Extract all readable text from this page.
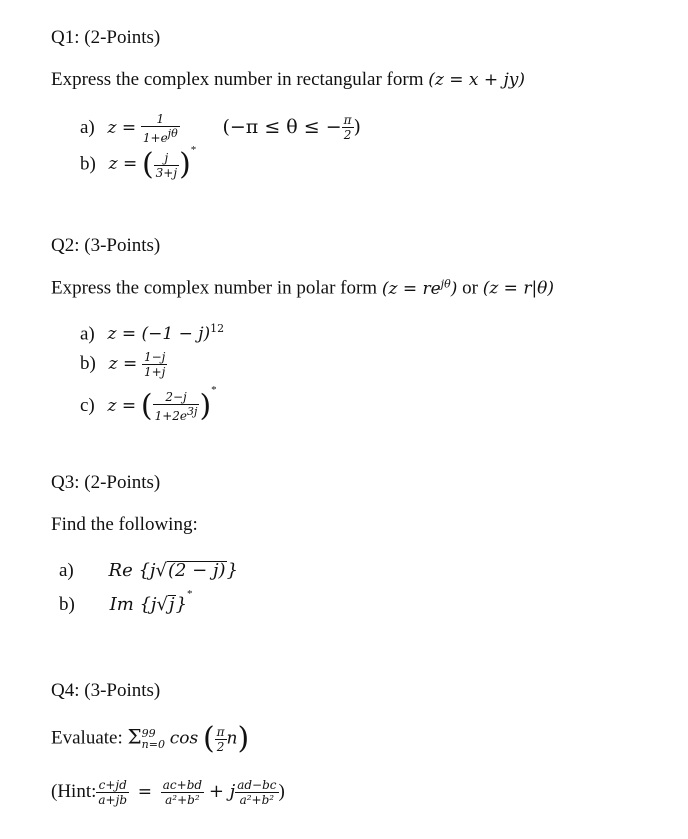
Q1: (2-Points)
Express the complex number in rectangular form (z = x + jy)
a) $z = \frac{1}{\text{1+ejθ}} (-\pi \le \theta$ ≤ − $\frac{\pi}{2}$ )
b) z = ( $\frac{j}{3+j} )^*$
Q2: (3-Points)
Express the complex number in polar form $(z = re^{j\theta})$ or (z = r|θ)
a) $z = (-1 - j)^{12}$
b) $z = \frac{1-j}{1+j}$
c) z = ( $\frac{2-j}{1+2e3j} )^*$
Q3: (2-Points)
Find the following:
a) Re {j√(2 − j)}
b) Im {j√j}*
Q4: (3-Points)
Evaluate: Σ 99
n=0 cos ( $\frac{\pi}{2} n$)
(Hint: $\frac{c+jd}{a+jb} = \frac{ac+bd}{\text{a²+b²}} + j \frac{ad-bc}{\text{a²+b²}}$ )
